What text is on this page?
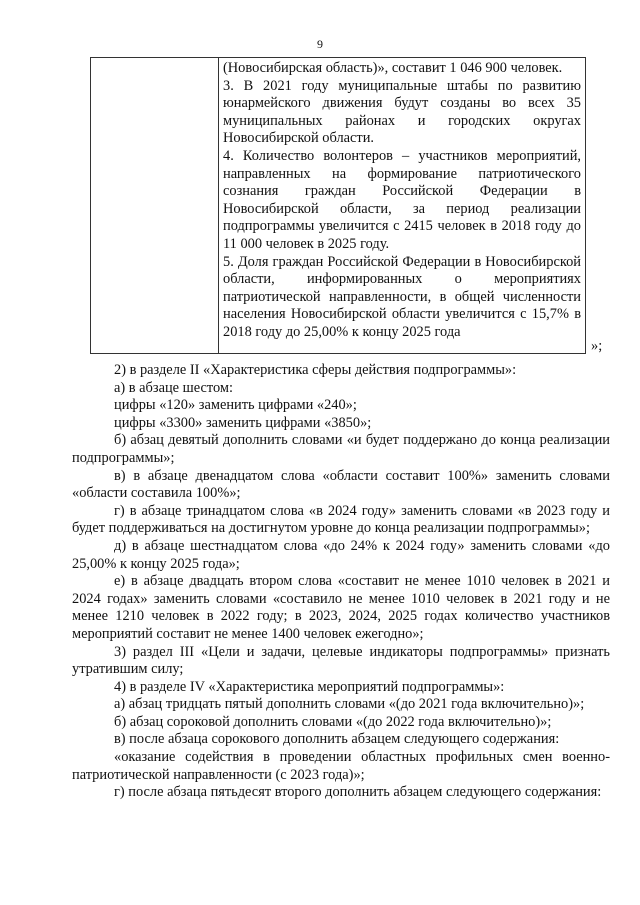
9
(Новосибирская область)», составит 1 046 900 человек.
3. В 2021 году муниципальные штабы по развитию юнармейского движения будут созданы во всех 35 муниципальных районах и городских округах Новосибирской области.
4. Количество волонтеров – участников мероприятий, направленных на формирование патриотического сознания граждан Российской Федерации в Новосибирской области, за период реализации подпрограммы увеличится с 2415 человек в 2018 году до 11 000 человек в 2025 году.
5. Доля граждан Российской Федерации в Новосибирской области, информированных о мероприятиях патриотической направленности, в общей численности населения Новосибирской области увеличится с 15,7% в 2018 году до 25,00% к концу 2025 года
»;

2) в разделе II «Характеристика сферы действия подпрограммы»:

а) в абзаце шестом:

цифры «120» заменить цифрами «240»;

цифры «3300» заменить цифрами «3850»;

б) абзац девятый дополнить словами «и будет поддержано до конца реализации подпрограммы»;

в) в абзаце двенадцатом слова «области составит 100%» заменить словами «области составила 100%»;

г) в абзаце тринадцатом слова «в 2024 году» заменить словами «в 2023 году и будет поддерживаться на достигнутом уровне до конца реализации подпрограммы»;

д) в абзаце шестнадцатом слова «до 24% к 2024 году» заменить словами «до 25,00% к концу 2025 года»;

е) в абзаце двадцать втором слова «составит не менее 1010 человек в 2021 и 2024 годах» заменить словами «составило не менее 1010 человек в 2021 году и не менее 1210 человек в 2022 году; в 2023, 2024, 2025 годах количество участников мероприятий составит не менее 1400 человек ежегодно»;

3) раздел III «Цели и задачи, целевые индикаторы подпрограммы» признать утратившим силу;

4) в разделе IV «Характеристика мероприятий подпрограммы»:

а) абзац тридцать пятый дополнить словами «(до 2021 года включительно)»;

б) абзац сороковой дополнить словами «(до 2022 года включительно)»;

в) после абзаца сорокового дополнить абзацем следующего содержания:

«оказание содействия в проведении областных профильных смен военно-патриотической направленности (с 2023 года)»;

г) после абзаца пятьдесят второго дополнить абзацем следующего содержания:
